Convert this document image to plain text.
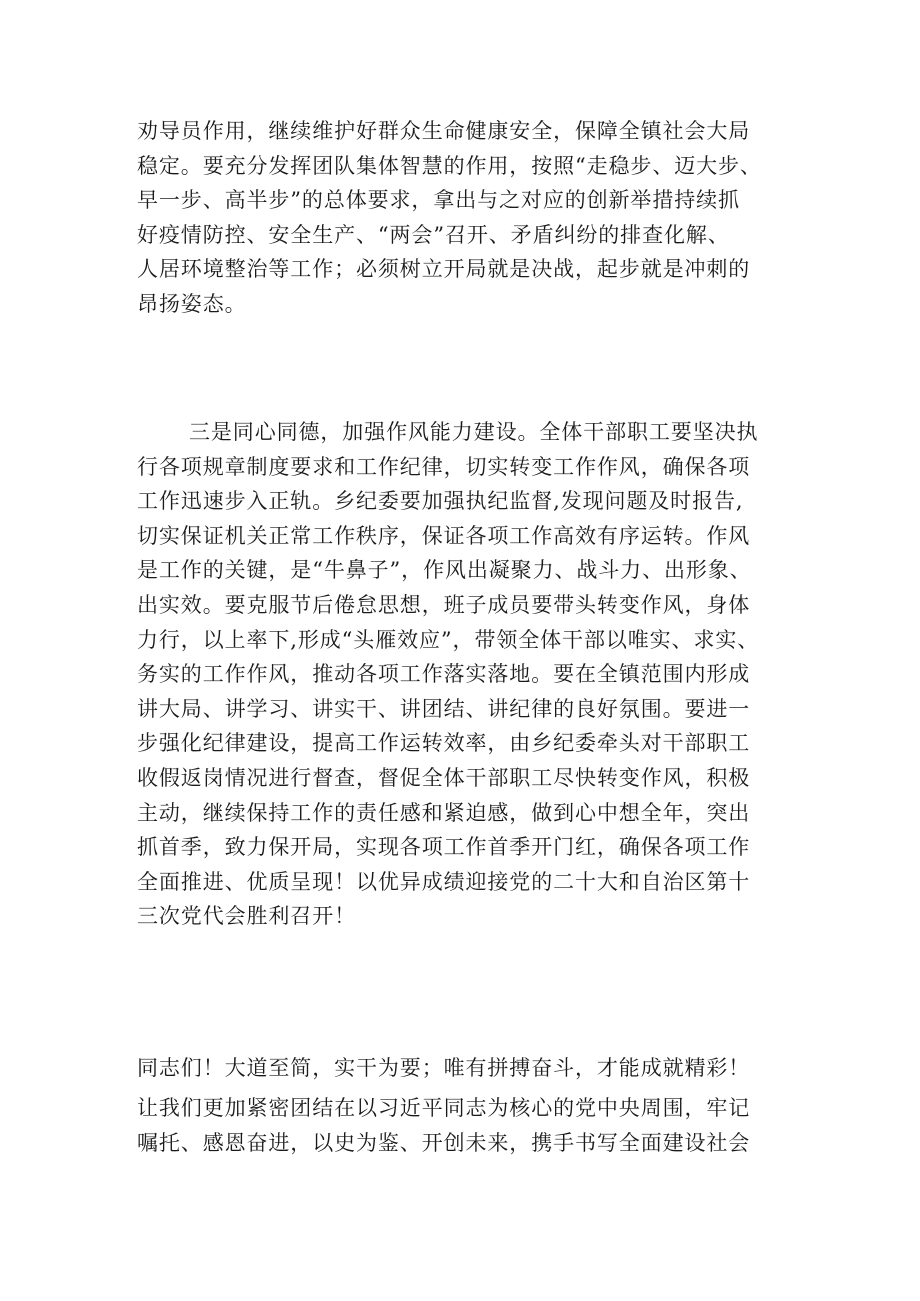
劝导员作用，继续维护好群众生命健康安全，保障全镇社会大局
稳定。要充分发挥团队集体智慧的作用，按照“走稳步、迈大步、
早一步、高半步”的总体要求，拿出与之对应的创新举措持续抓
好疫情防控、安全生产、“两会”召开、矛盾纠纷的排查化解、
人居环境整治等工作；必须树立开局就是决战，起步就是冲刺的
昂扬姿态。
三是同心同德，加强作风能力建设。全体干部职工要坚决执
行各项规章制度要求和工作纪律，切实转变工作作风，确保各项
工作迅速步入正轨。乡纪委要加强执纪监督,发现问题及时报告,
切实保证机关正常工作秩序，保证各项工作高效有序运转。作风
是工作的关键，是“牛鼻子”，作风出凝聚力、战斗力、出形象、
出实效。要克服节后倦怠思想，班子成员要带头转变作风，身体
力行，以上率下,形成“头雁效应”，带领全体干部以唯实、求实、
务实的工作作风，推动各项工作落实落地。要在全镇范围内形成
讲大局、讲学习、讲实干、讲团结、讲纪律的良好氛围。要进一
步强化纪律建设，提高工作运转效率，由乡纪委牵头对干部职工
收假返岗情况进行督查，督促全体干部职工尽快转变作风，积极
主动，继续保持工作的责任感和紧迫感，做到心中想全年，突出
抓首季，致力保开局，实现各项工作首季开门红，确保各项工作
全面推进、优质呈现！以优异成绩迎接党的二十大和自治区第十
三次党代会胜利召开！
同志们！大道至简，实干为要；唯有拼搏奋斗，才能成就精彩！
让我们更加紧密团结在以习近平同志为核心的党中央周围，牢记
嘱托、感恩奋进，以史为鉴、开创未来，携手书写全面建设社会
